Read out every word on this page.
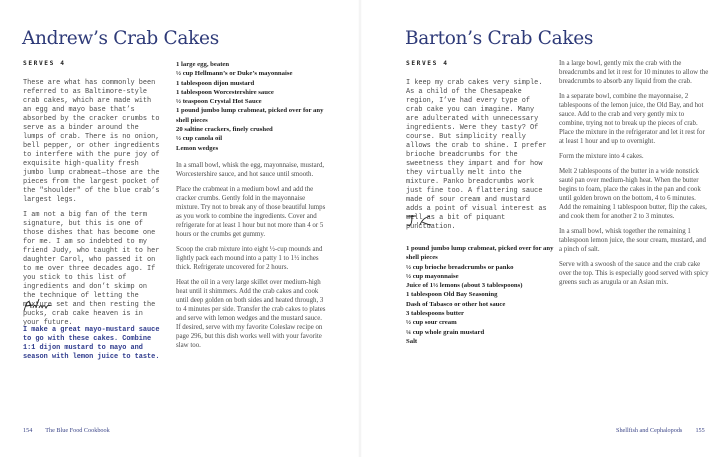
Andrew’s Crab Cakes
SERVES 4

These are what has commonly been referred to as Baltimore-style crab cakes, which are made with an egg and mayo base that’s absorbed by the cracker crumbs to serve as a binder around the lumps of crab. There is no onion, bell pepper, or other ingredients to interfere with the pure joy of exquisite high-quality fresh jumbo lump crabmeat—those are the pieces from the largest pocket of the "shoulder" of the blue crab’s largest legs.

I am not a big fan of the term signature, but this is one of those dishes that has become one for me. I am so indebted to my friend Judy, who taught it to her daughter Carol, who passed it on to me over three decades ago. If you stick to this list of ingredients and don’t skimp on the technique of letting the mixture set and then resting the pucks, crab cake heaven is in your future.

I make a great mayo-mustard sauce to go with these cakes. Combine 1:1 dijon mustard to mayo and season with lemon juice to taste.
1 large egg, beaten
½ cup Hellmann’s or Duke’s mayonnaise
1 tablespoon dijon mustard
1 tablespoon Worcestershire sauce
½ teaspoon Crystal Hot Sauce
1 pound jumbo lump crabmeat, picked over for any shell pieces
20 saltine crackers, finely crushed
½ cup canola oil
Lemon wedges

In a small bowl, whisk the egg, mayonnaise, mustard, Worcestershire sauce, and hot sauce until smooth.

Place the crabmeat in a medium bowl and add the cracker crumbs. Gently fold in the mayonnaise mixture. Try not to break any of those beautiful lumps as you work to combine the ingredients. Cover and refrigerate for at least 1 hour but not more than 4 or 5 hours or the crumbs get gummy.

Scoop the crab mixture into eight ½-cup mounds and lightly pack each mound into a patty 1 to 1½ inches thick. Refrigerate uncovered for 2 hours.

Heat the oil in a very large skillet over medium-high heat until it shimmers. Add the crab cakes and cook until deep golden on both sides and heated through, 3 to 4 minutes per side. Transfer the crab cakes to plates and serve with lemon wedges and the mustard sauce. If desired, serve with my favorite Coleslaw recipe on page 296, but this dish works well with your favorite slaw too.

154 The Blue Food Cookbook
Barton’s Crab Cakes
SERVES 4

I keep my crab cakes very simple. As a child of the Chesapeake region, I’ve had every type of crab cake you can imagine. Many are adulterated with unnecessary ingredients. Were they tasty? Of course. But simplicity really allows the crab to shine. I prefer brioche breadcrumbs for the sweetness they impart and for how they virtually melt into the mixture. Panko breadcrumbs work just fine too. A flattering sauce made of sour cream and mustard adds a point of visual interest as well as a bit of piquant punctuation.

1 pound jumbo lump crabmeat, picked over for any shell pieces
½ cup brioche breadcrumbs or panko
½ cup mayonnaise
Juice of 1½ lemons (about 3 tablespoons)
1 tablespoon Old Bay Seasoning
Dash of Tabasco or other hot sauce
3 tablespoons butter
½ cup sour cream
¼ cup whole grain mustard
Salt

In a large bowl, gently mix the crab with the breadcrumbs and let it rest for 10 minutes to allow the breadcrumbs to absorb any liquid from the crab.

In a separate bowl, combine the mayonnaise, 2 tablespoons of the lemon juice, the Old Bay, and hot sauce. Add to the crab and very gently mix to combine, trying not to break up the pieces of crab. Place the mixture in the refrigerator and let it rest for at least 1 hour and up to overnight.

Form the mixture into 4 cakes.

Melt 2 tablespoons of the butter in a wide nonstick sauté pan over medium-high heat. When the butter begins to foam, place the cakes in the pan and cook until golden brown on the bottom, 4 to 6 minutes. Add the remaining 1 tablespoon butter, flip the cakes, and cook them for another 2 to 3 minutes.

In a small bowl, whisk together the remaining 1 tablespoon lemon juice, the sour cream, mustard, and a pinch of salt.

Serve with a swoosh of the sauce and the crab cake over the top. This is especially good served with spicy greens such as arugula or an Asian mix.

Shellfish and Cephalopods 155
